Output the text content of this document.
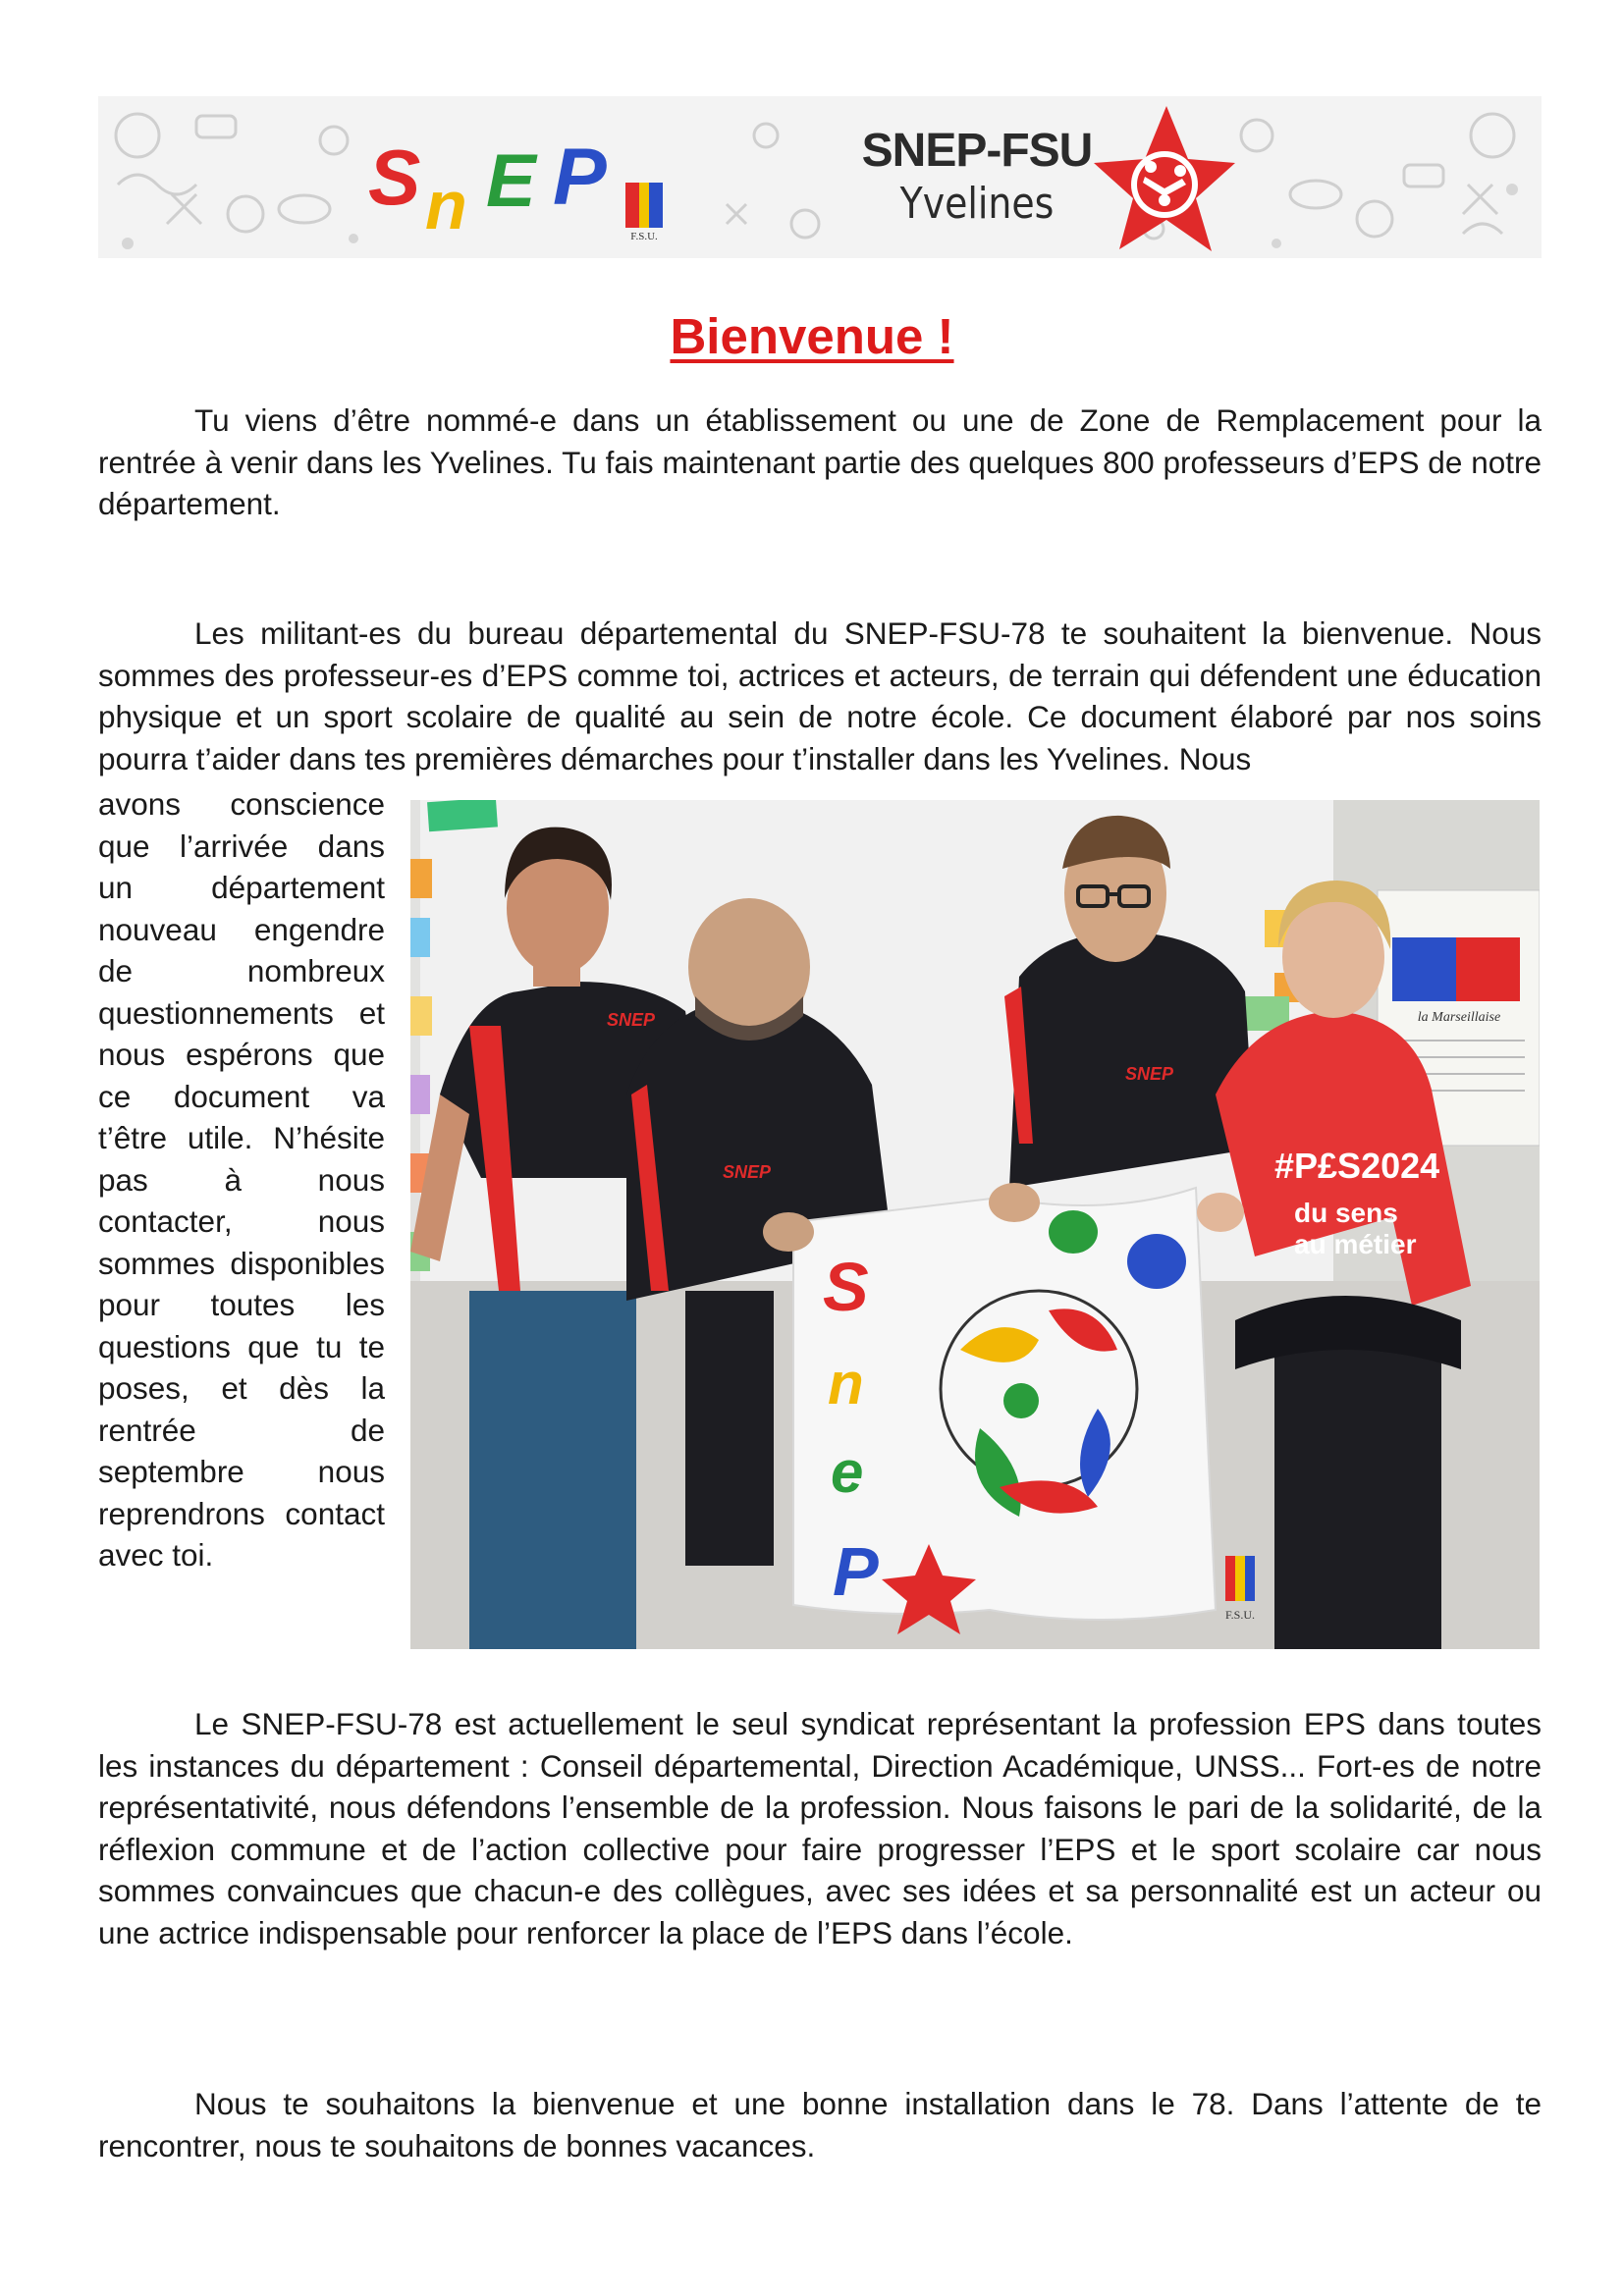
S n E P
F.S.U.
SNEP-FSU
Yvelines
Bienvenue !

Tu viens d’être nommé-e dans un établissement ou une de Zone de Remplacement pour la rentrée à venir dans les Yvelines. Tu fais maintenant partie des quelques 800 professeurs d’EPS de notre département.

Les militant-es du bureau départemental du SNEP-FSU-78 te souhaitent la bienvenue. Nous sommes des professeur-es d’EPS comme toi, actrices et acteurs, de terrain qui défendent une éducation physique et un sport scolaire de qualité au sein de notre école. Ce document élaboré par nos soins pourra t’aider dans tes premières démarches pour t’installer dans les Yvelines. Nous

avons conscience que l’arrivée dans un département nouveau engendre de nombreux questionnements et nous espérons que ce document va t’être utile. N’hésite pas à nous contacter, nous sommes disponibles pour toutes les questions que tu te poses, et dès la rentrée de septembre nous reprendrons contact avec toi.

la Marseillaise
SNEP
SNEP
SNEP
#P£S2024
du sens
au métier
S
n
e
P
F.S.U.

Le SNEP-FSU-78 est actuellement le seul syndicat représentant la profession EPS dans toutes les instances du département : Conseil départemental, Direction Académique, UNSS... Fort-es de notre représentativité, nous défendons l’ensemble de la profession. Nous faisons le pari de la solidarité, de la réflexion commune et de l’action collective pour faire progresser l’EPS et le sport scolaire car nous sommes convaincues que chacun-e des collègues, avec ses idées et sa personnalité est un acteur ou une actrice indispensable pour renforcer la place de l’EPS dans l’école.

Nous te souhaitons la bienvenue et une bonne installation dans le 78. Dans l’attente de te rencontrer, nous te souhaitons de bonnes vacances.
